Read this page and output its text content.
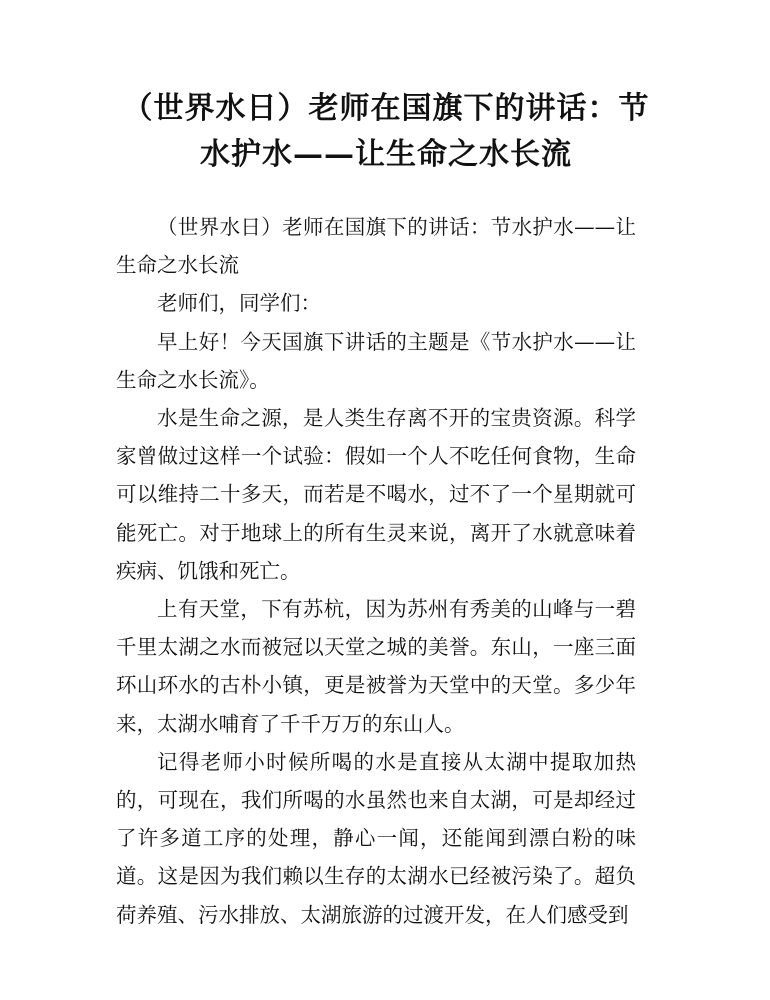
（世界水日）老师在国旗下的讲话：节水护水——让生命之水长流

（世界水日）老师在国旗下的讲话：节水护水——让生命之水长流

老师们，同学们：

早上好！今天国旗下讲话的主题是《节水护水——让生命之水长流》。

水是生命之源，是人类生存离不开的宝贵资源。科学家曾做过这样一个试验：假如一个人不吃任何食物，生命可以维持二十多天，而若是不喝水，过不了一个星期就可能死亡。对于地球上的所有生灵来说，离开了水就意味着疾病、饥饿和死亡。

上有天堂，下有苏杭，因为苏州有秀美的山峰与一碧千里太湖之水而被冠以天堂之城的美誉。东山，一座三面环山环水的古朴小镇，更是被誉为天堂中的天堂。多少年来，太湖水哺育了千千万万的东山人。

记得老师小时候所喝的水是直接从太湖中提取加热的，可现在，我们所喝的水虽然也来自太湖，可是却经过了许多道工序的处理，静心一闻，还能闻到漂白粉的味道。这是因为我们赖以生存的太湖水已经被污染了。超负荷养殖、污水排放、太湖旅游的过渡开发，在人们感受到
